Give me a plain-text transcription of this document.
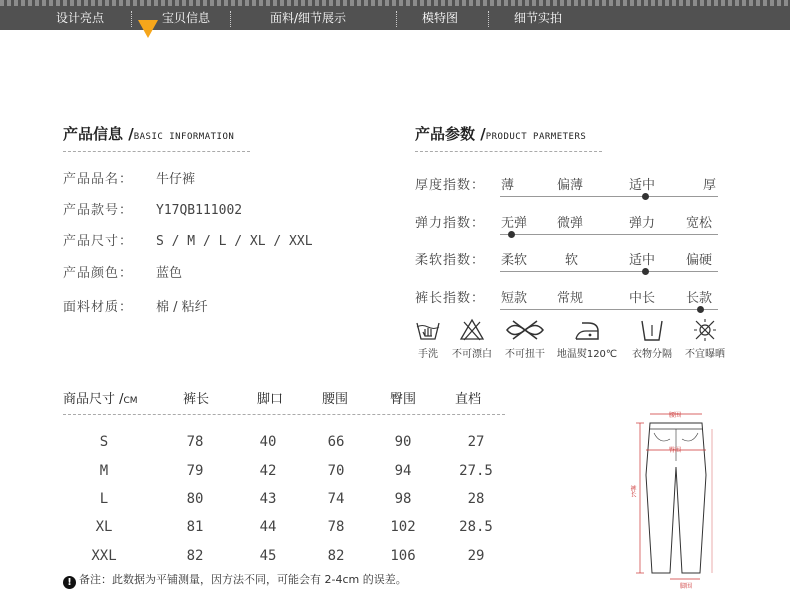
设计亮点	宝贝信息	面料/细节展示	模特图	细节实拍
产品信息 /BASIC INFORMATION
产品品名： 牛仔裤
产品款号： Y17QB111002
产品尺寸： S / M / L / XL / XXL
产品颜色： 蓝色
面料材质： 棉 / 粘纤
产品参数 /PRODUCT PARMETERS
厚度指数： 薄	偏薄	适中	厚
弹力指数： 无弹 微弹	弹力 宽松
柔软指数： 柔软	软	适中 偏硬
裤长指数： 短款 常规	中长 长款
手洗	不可漂白	不可扭干	地温熨120℃	衣物分隔	不宜曝晒
商品尺寸 /CM	裤长	脚口	腰围	臀围	直档
S	78	40	66	90	27
M	79	42	70	94	27.5
L	80	43	74	98	28
XL	81	44	78	102	28.5
XXL	82	45	82	106	29
! 备注：此数据为平铺测量，因方法不同，可能会有 2-4cm 的误差。
腰围
臀围
裤长
脚围
